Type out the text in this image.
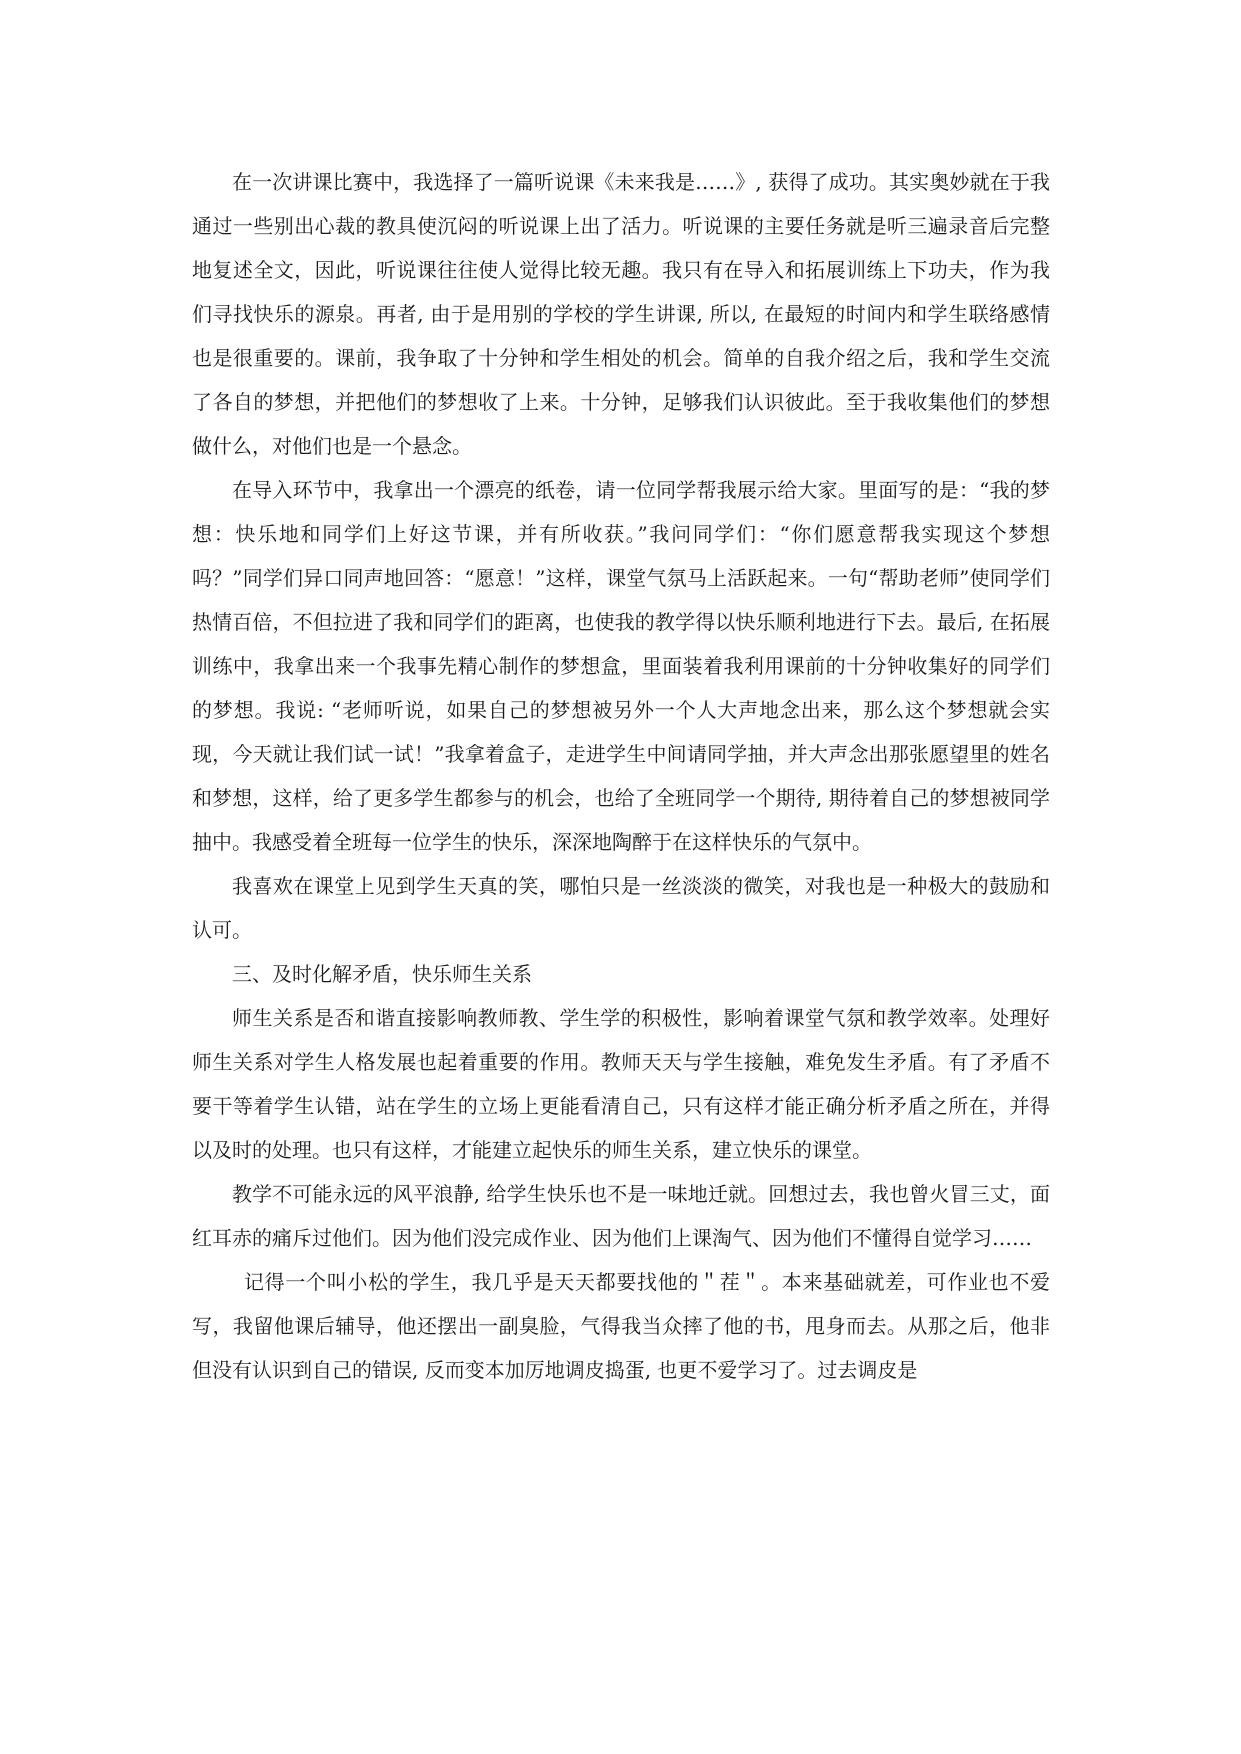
在一次讲课比赛中，我选择了一篇听说课《未来我是……》, 获得了成功。其实奥妙就在于我通过一些别出心裁的教具使沉闷的听说课上出了活力。听说课的主要任务就是听三遍录音后完整地复述全文，因此，听说课往往使人觉得比较无趣。我只有在导入和拓展训练上下功夫，作为我们寻找快乐的源泉。再者, 由于是用别的学校的学生讲课, 所以, 在最短的时间内和学生联络感情也是很重要的。课前，我争取了十分钟和学生相处的机会。简单的自我介绍之后，我和学生交流了各自的梦想，并把他们的梦想收了上来。十分钟，足够我们认识彼此。至于我收集他们的梦想做什么，对他们也是一个悬念。

在导入环节中，我拿出一个漂亮的纸卷，请一位同学帮我展示给大家。里面写的是：“我的梦想：快乐地和同学们上好这节课，并有所收获。”我问同学们：“你们愿意帮我实现这个梦想吗？”同学们异口同声地回答：“愿意！”这样，课堂气氛马上活跃起来。一句“帮助老师”使同学们热情百倍，不但拉进了我和同学们的距离，也使我的教学得以快乐顺利地进行下去。最后, 在拓展训练中，我拿出来一个我事先精心制作的梦想盒，里面装着我利用课前的十分钟收集好的同学们的梦想。我说: “老师听说，如果自己的梦想被另外一个人大声地念出来，那么这个梦想就会实现，今天就让我们试一试！”我拿着盒子，走进学生中间请同学抽，并大声念出那张愿望里的姓名和梦想，这样，给了更多学生都参与的机会，也给了全班同学一个期待, 期待着自己的梦想被同学抽中。我感受着全班每一位学生的快乐，深深地陶醉于在这样快乐的气氛中。

我喜欢在课堂上见到学生天真的笑，哪怕只是一丝淡淡的微笑，对我也是一种极大的鼓励和认可。

三、及时化解矛盾，快乐师生关系

师生关系是否和谐直接影响教师教、学生学的积极性，影响着课堂气氛和教学效率。处理好师生关系对学生人格发展也起着重要的作用。教师天天与学生接触，难免发生矛盾。有了矛盾不要干等着学生认错，站在学生的立场上更能看清自己，只有这样才能正确分析矛盾之所在，并得以及时的处理。也只有这样，才能建立起快乐的师生关系，建立快乐的课堂。

教学不可能永远的风平浪静, 给学生快乐也不是一味地迁就。回想过去，我也曾火冒三丈，面红耳赤的痛斥过他们。因为他们没完成作业、因为他们上课淘气、因为他们不懂得自觉学习……

记得一个叫小松的学生，我几乎是天天都要找他的＂茬＂。本来基础就差，可作业也不爱写，我留他课后辅导，他还摆出一副臭脸，气得我当众摔了他的书，甩身而去。从那之后，他非但没有认识到自己的错误, 反而变本加厉地调皮捣蛋, 也更不爱学习了。过去调皮是
